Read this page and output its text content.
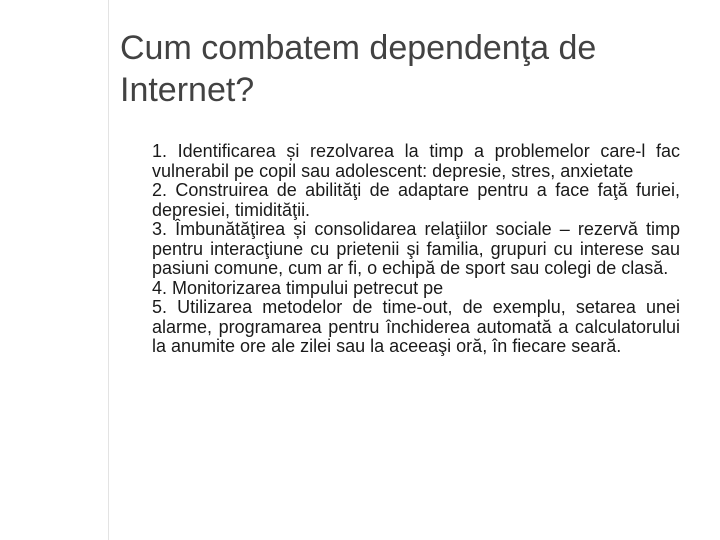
Cum combatem dependenţa de Internet?
1. Identificarea și rezolvarea la timp a problemelor care-l fac vulnerabil pe copil sau adolescent: depresie, stres, anxietate
2. Construirea de abilităţi de adaptare pentru a face faţă furiei, depresiei, timidităţii.
3. Îmbunătăţirea și consolidarea relaţiilor sociale – rezervă timp pentru interacţiune cu prietenii şi familia, grupuri cu interese sau pasiuni comune, cum ar fi, o echipă de sport sau colegi de clasă.
4. Monitorizarea timpului petrecut pe
5. Utilizarea metodelor de time-out, de exemplu, setarea unei alarme, programarea pentru închiderea automată a calculatorului la anumite ore ale zilei sau la aceeaşi oră, în fiecare seară.
